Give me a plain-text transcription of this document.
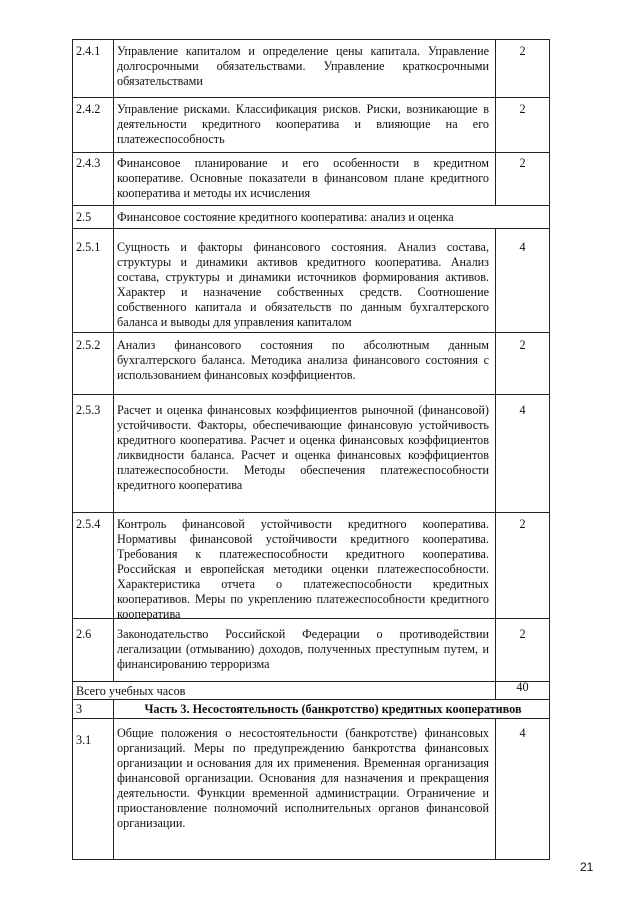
2.4.1 Управление капиталом и определение цены капитала. Управление долгосрочными обязательствами. Управление краткосрочными обязательствами
2
2.4.2 Управление рисками. Классификация рисков. Риски, возникающие в деятельности кредитного кооператива и влияющие на его платежеспособность
2
2.4.3 Финансовое планирование и его особенности в кредитном кооперативе. Основные показатели в финансовом плане кредитного кооператива и методы их исчисления
2
2.5 Финансовое состояние кредитного кооператива: анализ и оценка
2.5.1 Сущность и факторы финансового состояния. Анализ состава, структуры и динамики активов кредитного кооператива. Анализ состава, структуры и динамики источников формирования активов. Характер и назначение собственных средств. Соотношение собственного капитала и обязательств по данным бухгалтерского баланса и выводы для управления капиталом
4
2.5.2 Анализ финансового состояния по абсолютным данным бухгалтерского баланса. Методика анализа финансового состояния с использованием финансовых коэффициентов.
2
2.5.3 Расчет и оценка финансовых коэффициентов рыночной (финансовой) устойчивости. Факторы, обеспечивающие финансовую устойчивость кредитного кооператива. Расчет и оценка финансовых коэффициентов ликвидности баланса. Расчет и оценка финансовых коэффициентов платежеспособности. Методы обеспечения платежеспособности кредитного кооператива
4
2.5.4 Контроль финансовой устойчивости кредитного кооператива. Нормативы финансовой устойчивости кредитного кооператива. Требования к платежеспособности кредитного кооператива. Российская и европейская методики оценки платежеспособности. Характеристика отчета о платежеспособности кредитных кооперативов. Меры по укреплению платежеспособности кредитного кооператива
2
2.6 Законодательство Российской Федерации о противодействии легализации (отмыванию) доходов, полученных преступным путем, и финансированию терроризма
2
Всего учебных часов	40
3	Часть 3. Несостоятельность (банкротство) кредитных кооперативов
3.1 Общие положения о несостоятельности (банкротстве) финансовых организаций. Меры по предупреждению банкротства финансовых организации и основания для их применения. Временная организация финансовой организации. Основания для назначения и прекращения деятельности. Функции временной администрации. Ограничение и приостановление полномочий исполнительных органов финансовой организации.
4
21
